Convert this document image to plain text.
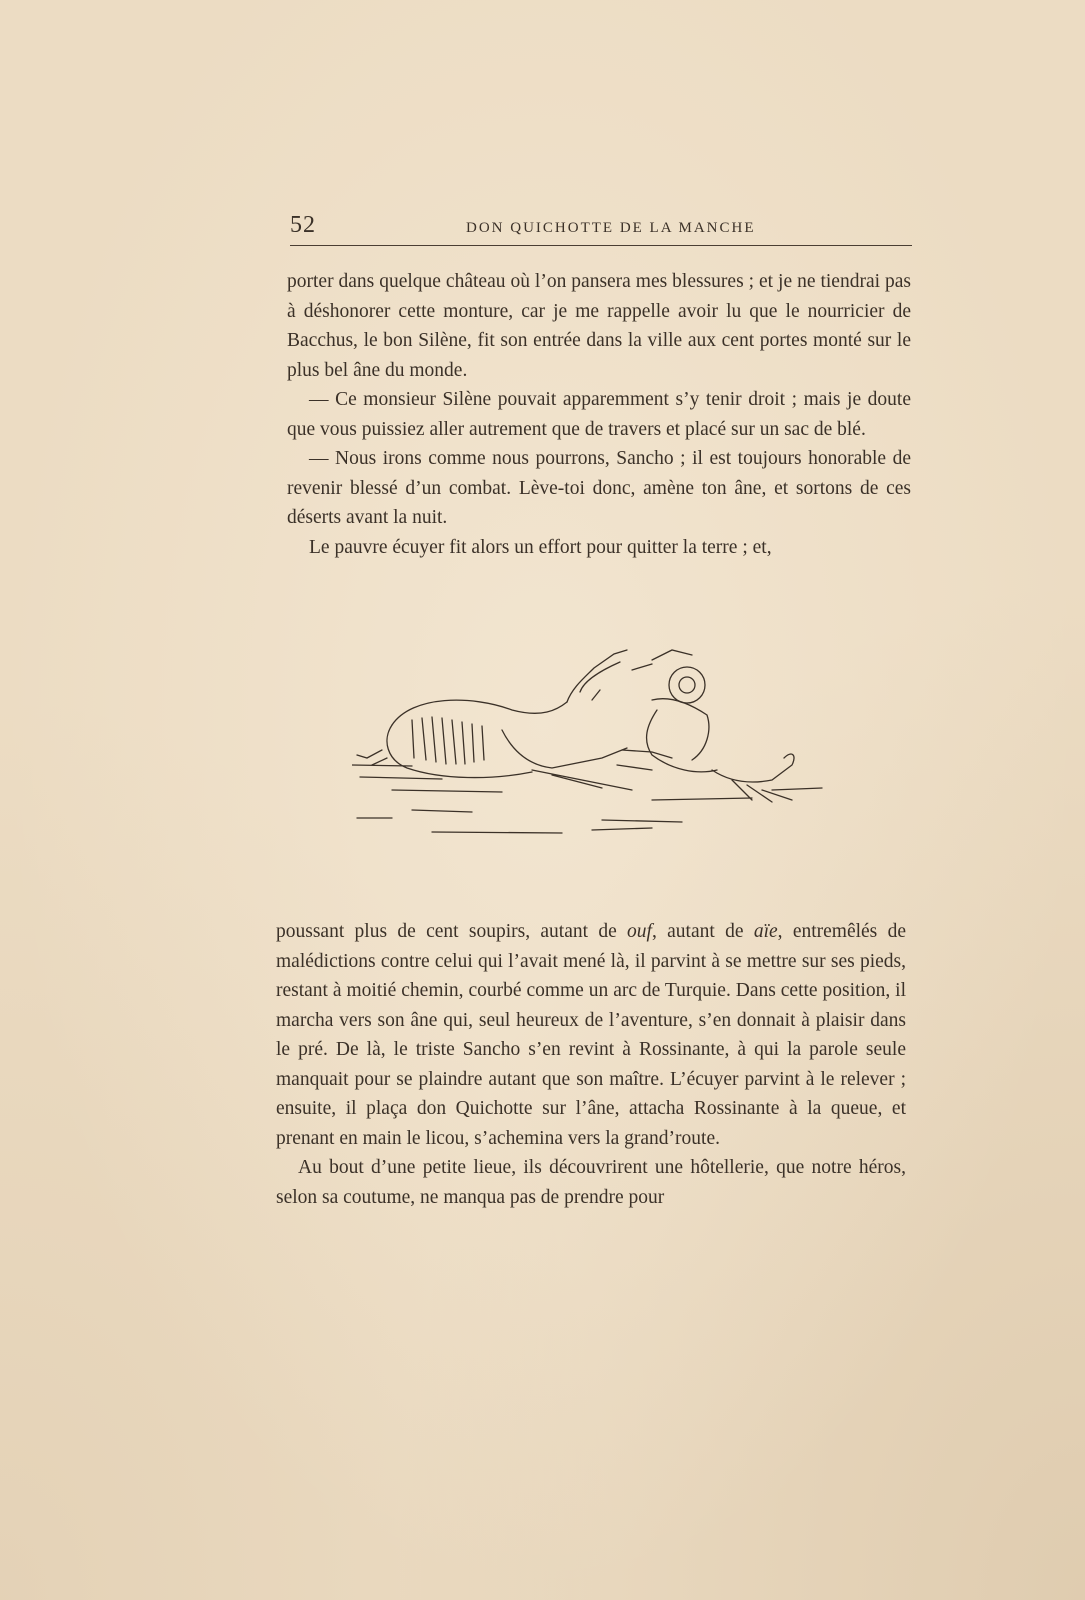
52	DON QUICHOTTE DE LA MANCHE

porter dans quelque château où l’on pansera mes blessures ; et je ne tiendrai pas à déshonorer cette monture, car je me rappelle avoir lu que le nourricier de Bacchus, le bon Silène, fit son entrée dans la ville aux cent portes monté sur le plus bel âne du monde.

— Ce monsieur Silène pouvait apparemment s’y tenir droit ; mais je doute que vous puissiez aller autrement que de travers et placé sur un sac de blé.

— Nous irons comme nous pourrons, Sancho ; il est toujours honorable de revenir blessé d’un combat. Lève-toi donc, amène ton âne, et sortons de ces déserts avant la nuit.

Le pauvre écuyer fit alors un effort pour quitter la terre ; et,

poussant plus de cent soupirs, autant de ouf, autant de aïe, entremêlés de malédictions contre celui qui l’avait mené là, il parvint à se mettre sur ses pieds, restant à moitié chemin, courbé comme un arc de Turquie. Dans cette position, il marcha vers son âne qui, seul heureux de l’aventure, s’en donnait à plaisir dans le pré. De là, le triste Sancho s’en revint à Rossinante, à qui la parole seule manquait pour se plaindre autant que son maître. L’écuyer parvint à le relever ; ensuite, il plaça don Quichotte sur l’âne, attacha Rossinante à la queue, et prenant en main le licou, s’achemina vers la grand’route.

Au bout d’une petite lieue, ils découvrirent une hôtellerie, que notre héros, selon sa coutume, ne manqua pas de prendre pour
